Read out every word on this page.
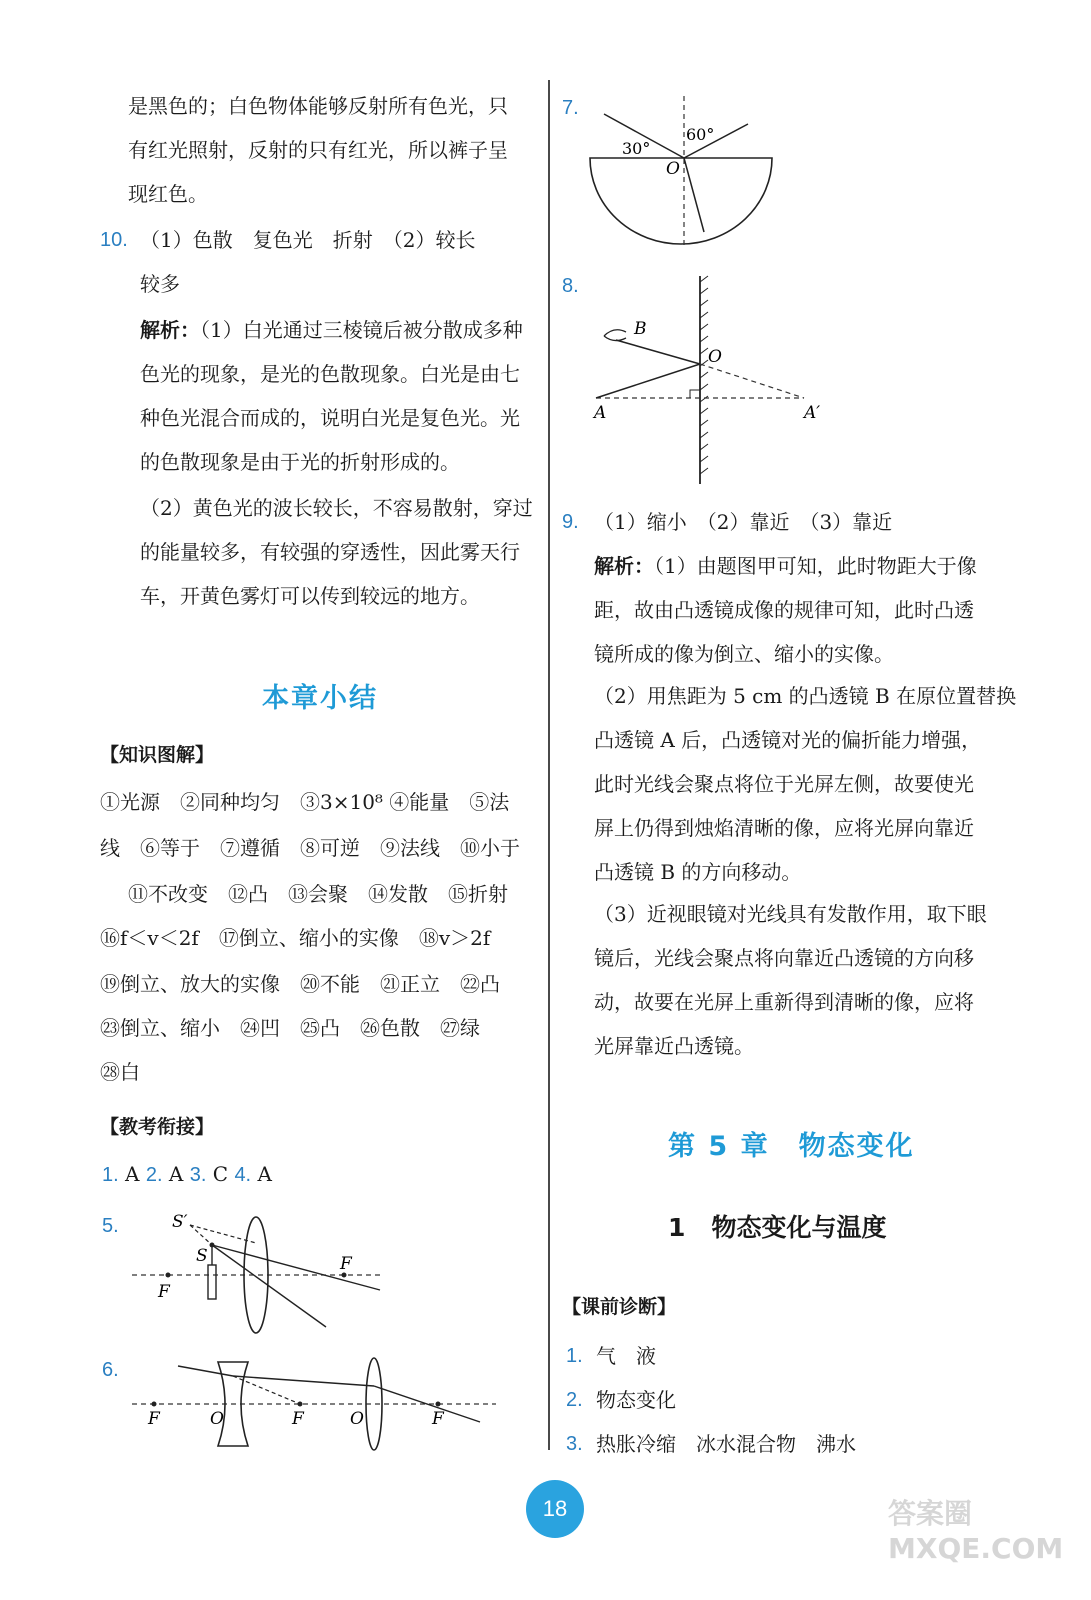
是黑色的；白色物体能够反射所有色光，只
有红光照射，反射的只有红光，所以裤子呈
现红色。
10. （1）色散　复色光　折射　（2）较长
较多
解析：（1）白光通过三棱镜后被分散成多种
色光的现象，是光的色散现象。白光是由七
种色光混合而成的，说明白光是复色光。光
的色散现象是由于光的折射形成的。
（2）黄色光的波长较长，不容易散射，穿过
的能量较多，有较强的穿透性，因此雾天行
车，开黄色雾灯可以传到较远的地方。
本章小结
【知识图解】
①光源　②同种均匀　③3×10⁸ ④能量　⑤法
线　⑥等于　⑦遵循　⑧可逆　⑨法线　⑩小于
⑪不改变　⑫凸　⑬会聚　⑭发散　⑮折射
⑯f＜v＜2f　⑰倒立、缩小的实像　⑱v＞2f
⑲倒立、放大的实像　⑳不能　㉑正立　㉒凸
㉓倒立、缩小　㉔凹　㉕凸　㉖色散　㉗绿
㉘白
【教考衔接】
1. A 2. A 3. C 4. A
5.	S′
S
F
F
6.
F	O	F	O	F
7.
30°
60°
O
8.
B
O
A	A′
9. （1）缩小　（2）靠近　（3）靠近
解析：（1）由题图甲可知，此时物距大于像
距，故由凸透镜成像的规律可知，此时凸透
镜所成的像为倒立、缩小的实像。
（2）用焦距为 5 cm 的凸透镜 B 在原位置替换
凸透镜 A 后，凸透镜对光的偏折能力增强，
此时光线会聚点将位于光屏左侧，故要使光
屏上仍得到烛焰清晰的像，应将光屏向靠近
凸透镜 B 的方向移动。
（3）近视眼镜对光线具有发散作用，取下眼
镜后，光线会聚点将向靠近凸透镜的方向移
动，故要在光屏上重新得到清晰的像，应将
光屏靠近凸透镜。
第 5 章　物态变化
1 物态变化与温度
【课前诊断】
1. 气　液
2. 物态变化
3. 热胀冷缩　冰水混合物　沸水
18	答案圈 MXQE.COM
